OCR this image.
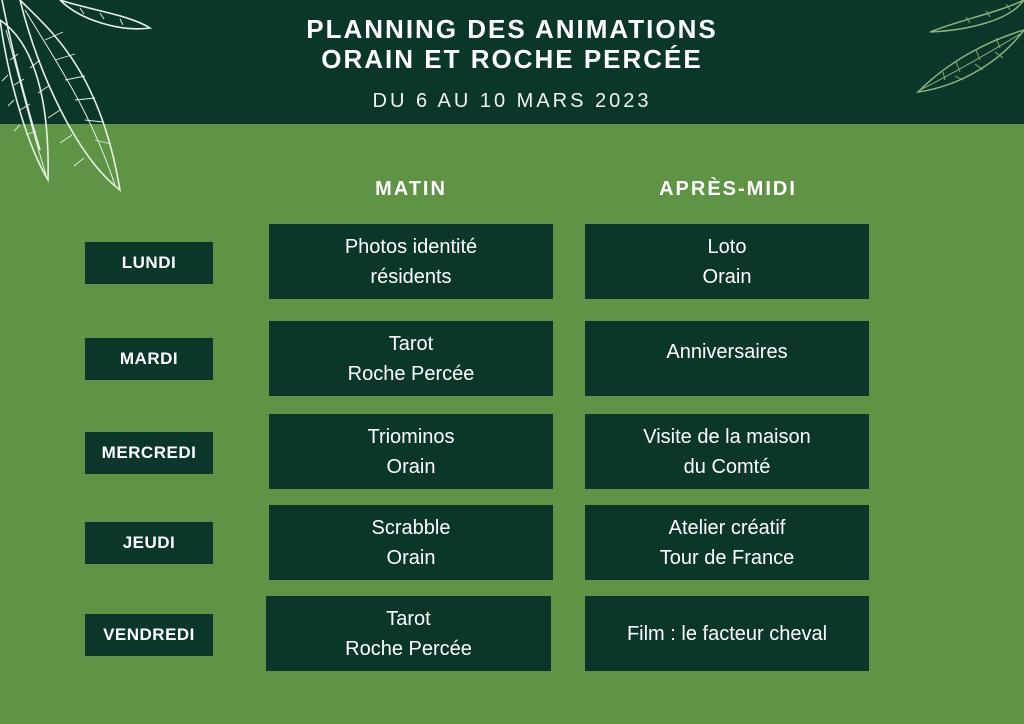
PLANNING DES ANIMATIONS
ORAIN ET ROCHE PERCÉE
DU 6 AU 10 MARS 2023
MATIN	APRÈS-MIDI
LUNDI
Photos identité
résidents
Loto
Orain
MARDI
Tarot
Roche Percée
Anniversaires
MERCREDI
Triominos
Orain
Visite de la maison
du Comté
JEUDI
Scrabble
Orain
Atelier créatif
Tour de France
VENDREDI
Tarot
Roche Percée
Film : le facteur cheval
